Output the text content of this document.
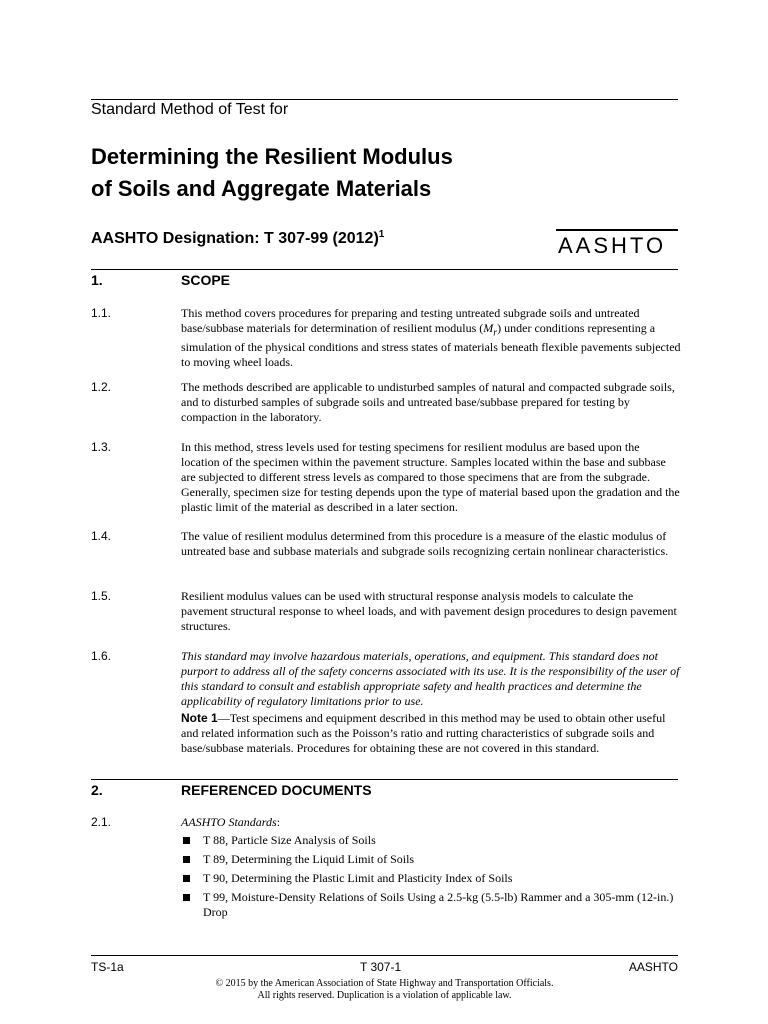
Standard Method of Test for
Determining the Resilient Modulus
of Soils and Aggregate Materials
AASHTO Designation: T 307-99 $(2012)^1$	AASHTO
1.	SCOPE
1.1.	This method covers procedures for preparing and testing untreated subgrade soils and untreated base/subbase materials for determination of resilient modulus $(M_r)$ under conditions representing a simulation of the physical conditions and stress states of materials beneath flexible pavements subjected to moving wheel loads.
1.2.	The methods described are applicable to undisturbed samples of natural and compacted subgrade soils, and to disturbed samples of subgrade soils and untreated base/subbase prepared for testing by compaction in the laboratory.
1.3.	In this method, stress levels used for testing specimens for resilient modulus are based upon the location of the specimen within the pavement structure. Samples located within the base and subbase are subjected to different stress levels as compared to those specimens that are from the subgrade. Generally, specimen size for testing depends upon the type of material based upon the gradation and the plastic limit of the material as described in a later section.
1.4.	The value of resilient modulus determined from this procedure is a measure of the elastic modulus of untreated base and subbase materials and subgrade soils recognizing certain nonlinear characteristics.
1.5.	Resilient modulus values can be used with structural response analysis models to calculate the pavement structural response to wheel loads, and with pavement design procedures to design pavement structures.
1.6.	This standard may involve hazardous materials, operations, and equipment. This standard does not purport to address all of the safety concerns associated with its use. It is the responsibility of the user of this standard to consult and establish appropriate safety and health practices and determine the applicability of regulatory limitations prior to use.
Note 1—Test specimens and equipment described in this method may be used to obtain other useful and related information such as the Poisson’s ratio and rutting characteristics of subgrade soils and base/subbase materials. Procedures for obtaining these are not covered in this standard.
2.	REFERENCED DOCUMENTS
2.1.	AASHTO Standards:
T 88, Particle Size Analysis of Soils
T 89, Determining the Liquid Limit of Soils
T 90, Determining the Plastic Limit and Plasticity Index of Soils
T 99, Moisture-Density Relations of Soils Using a 2.5-kg (5.5-lb) Rammer and a 305-mm (12-in.) Drop
TS-1a	T 307-1	AASHTO
© 2015 by the American Association of State Highway and Transportation Officials.
All rights reserved. Duplication is a violation of applicable law.
